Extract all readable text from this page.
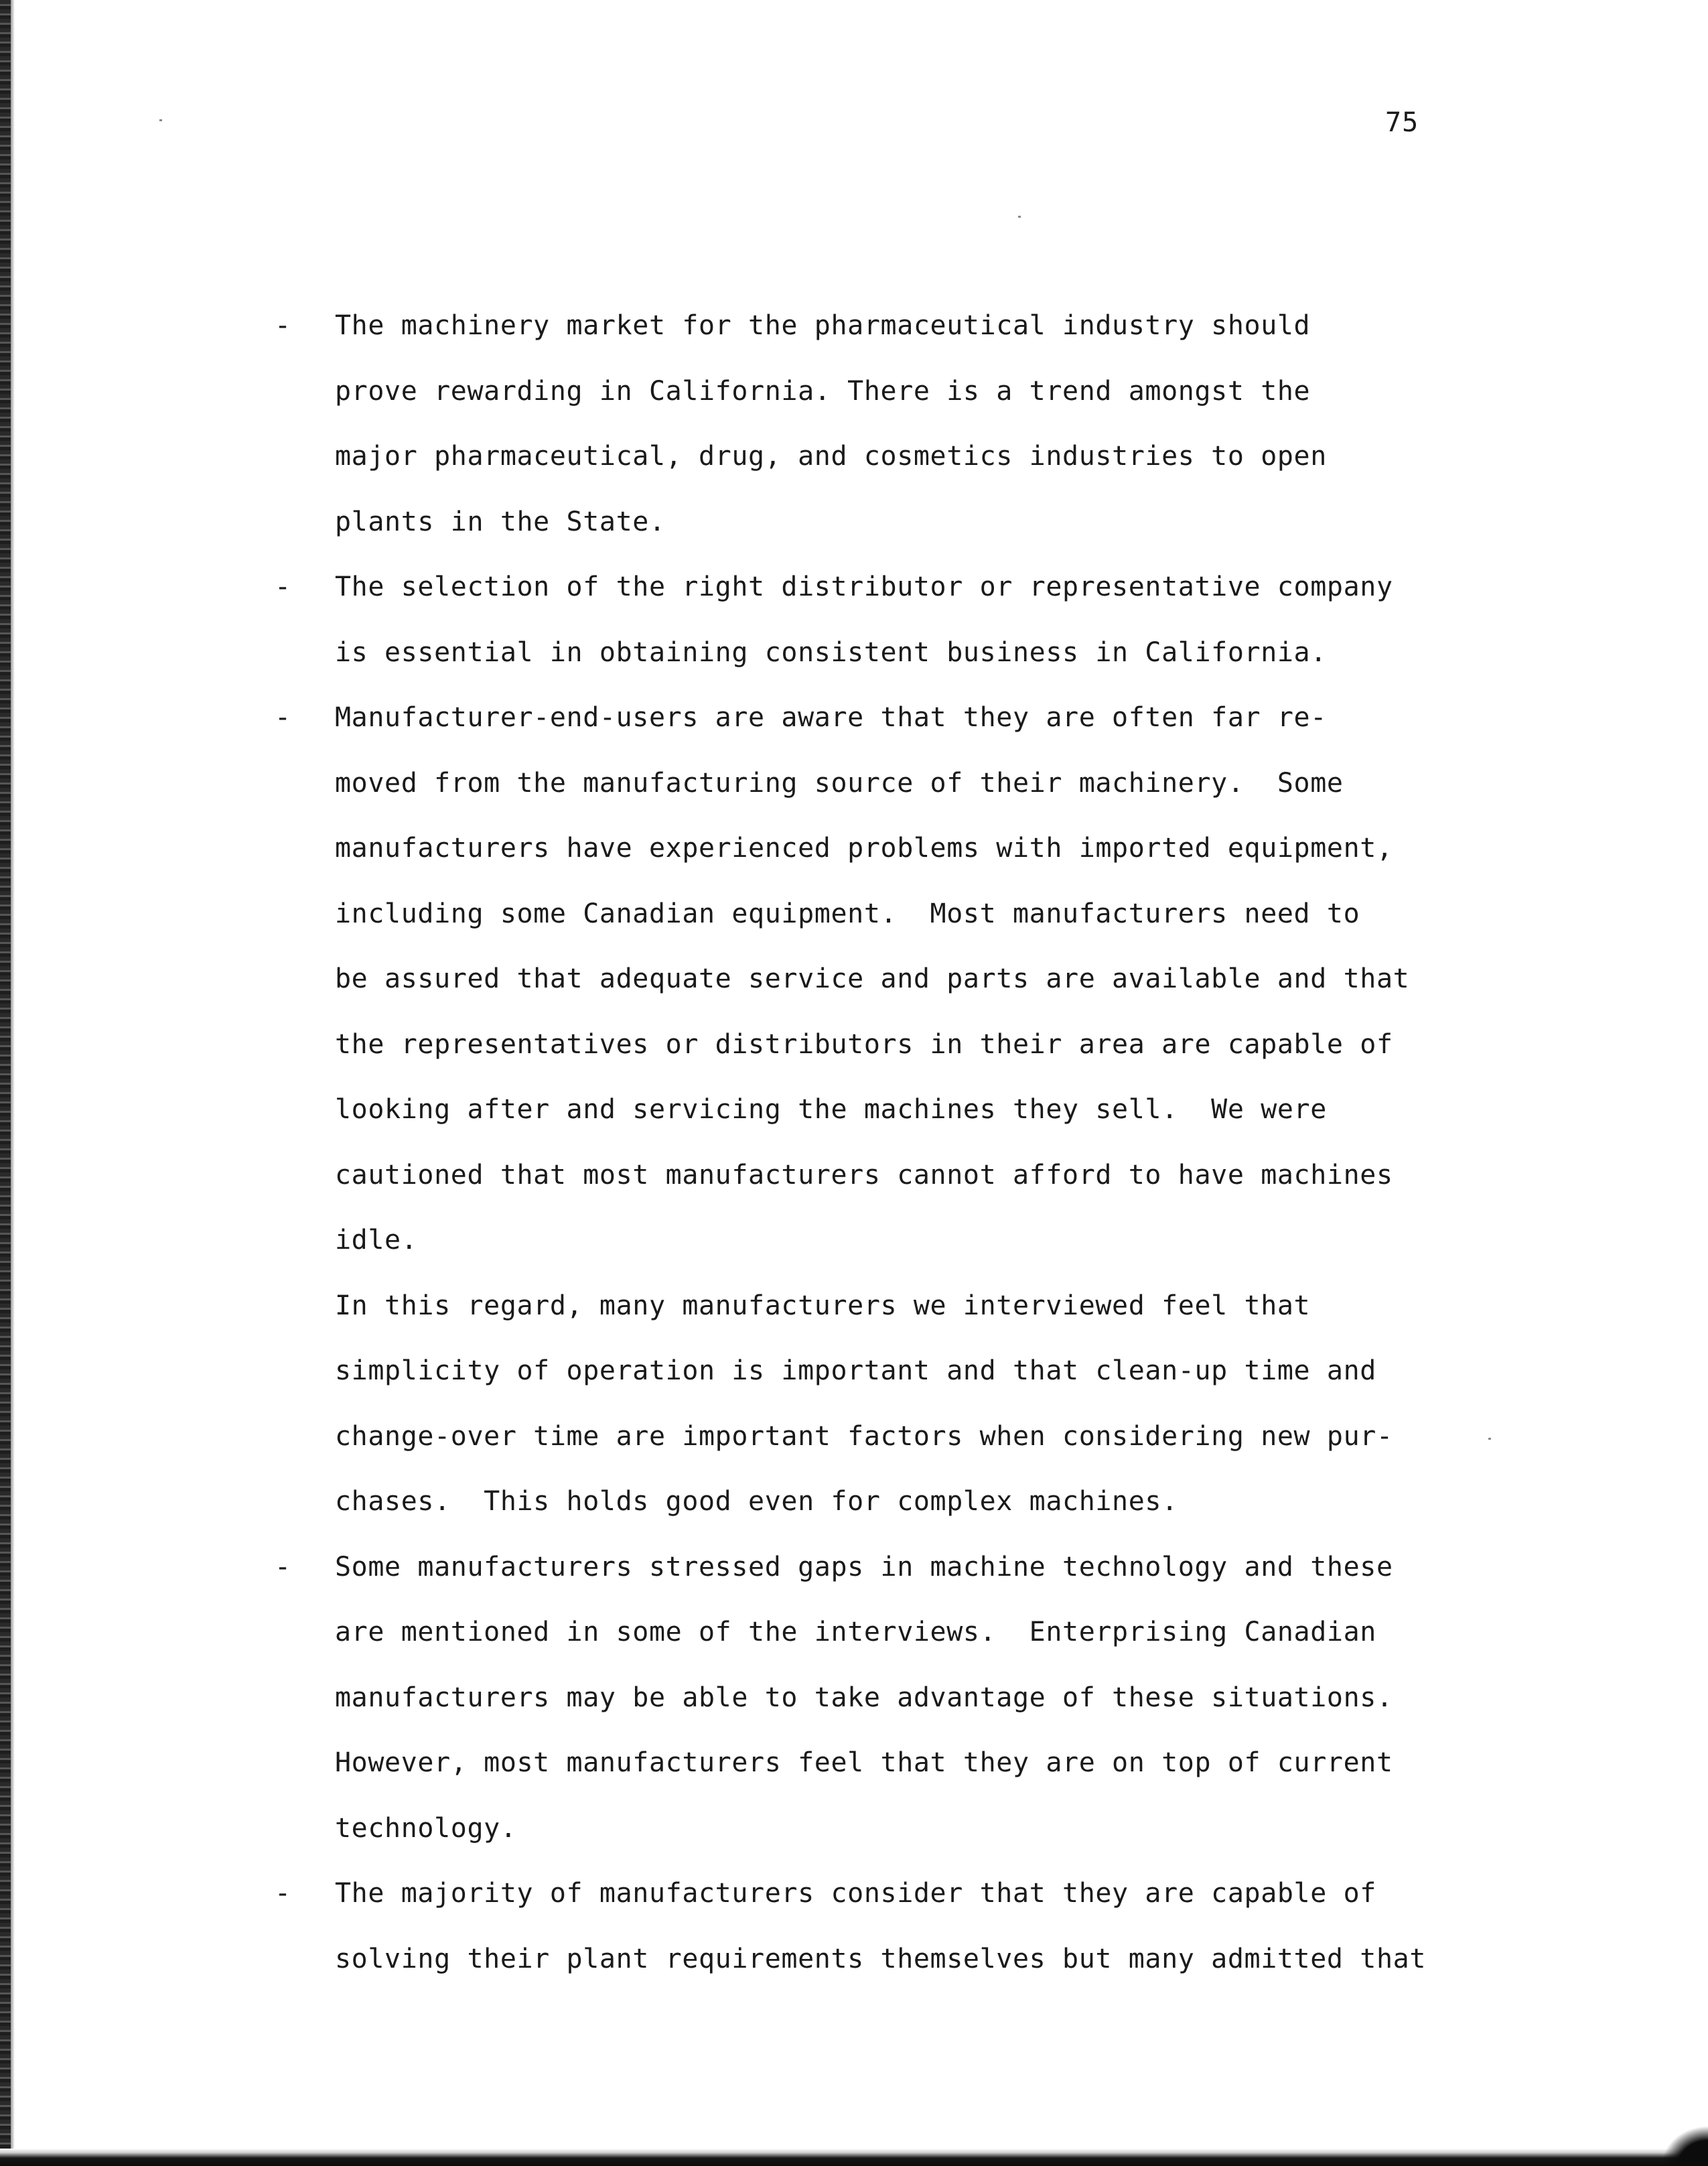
75
- The machinery market for the pharmaceutical industry should
prove rewarding in California. There is a trend amongst the
major pharmaceutical, drug, and cosmetics industries to open
plants in the State.
- The selection of the right distributor or representative company
is essential in obtaining consistent business in California.
- Manufacturer-end-users are aware that they are often far re-
moved from the manufacturing source of their machinery.  Some
manufacturers have experienced problems with imported equipment,
including some Canadian equipment.  Most manufacturers need to
be assured that adequate service and parts are available and that
the representatives or distributors in their area are capable of
looking after and servicing the machines they sell.  We were
cautioned that most manufacturers cannot afford to have machines
idle.
In this regard, many manufacturers we interviewed feel that
simplicity of operation is important and that clean-up time and
change-over time are important factors when considering new pur-
chases.  This holds good even for complex machines.
- Some manufacturers stressed gaps in machine technology and these
are mentioned in some of the interviews.  Enterprising Canadian
manufacturers may be able to take advantage of these situations.
However, most manufacturers feel that they are on top of current
technology.
- The majority of manufacturers consider that they are capable of
solving their plant requirements themselves but many admitted that
